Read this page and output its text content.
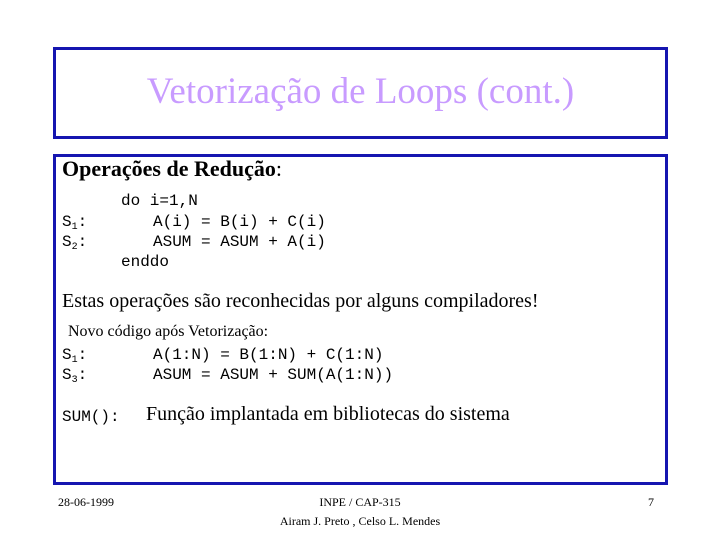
Vetorização de Loops (cont.)
Operações de Redução:
do i=1,N
$S_1$:	A(i) = B(i) + C(i)
$S_2$:	ASUM = ASUM + A(i)
enddo
Estas operações são reconhecidas por alguns compiladores!
Novo código após Vetorização:
$S_1$:	A(1:N) = B(1:N) + C(1:N)
$S_3$:	ASUM = ASUM + SUM(A(1:N))
SUM(): Função implantada em bibliotecas do sistema
28-06-1999	INPE / CAP-315
Airam J. Preto , Celso L. Mendes
7
